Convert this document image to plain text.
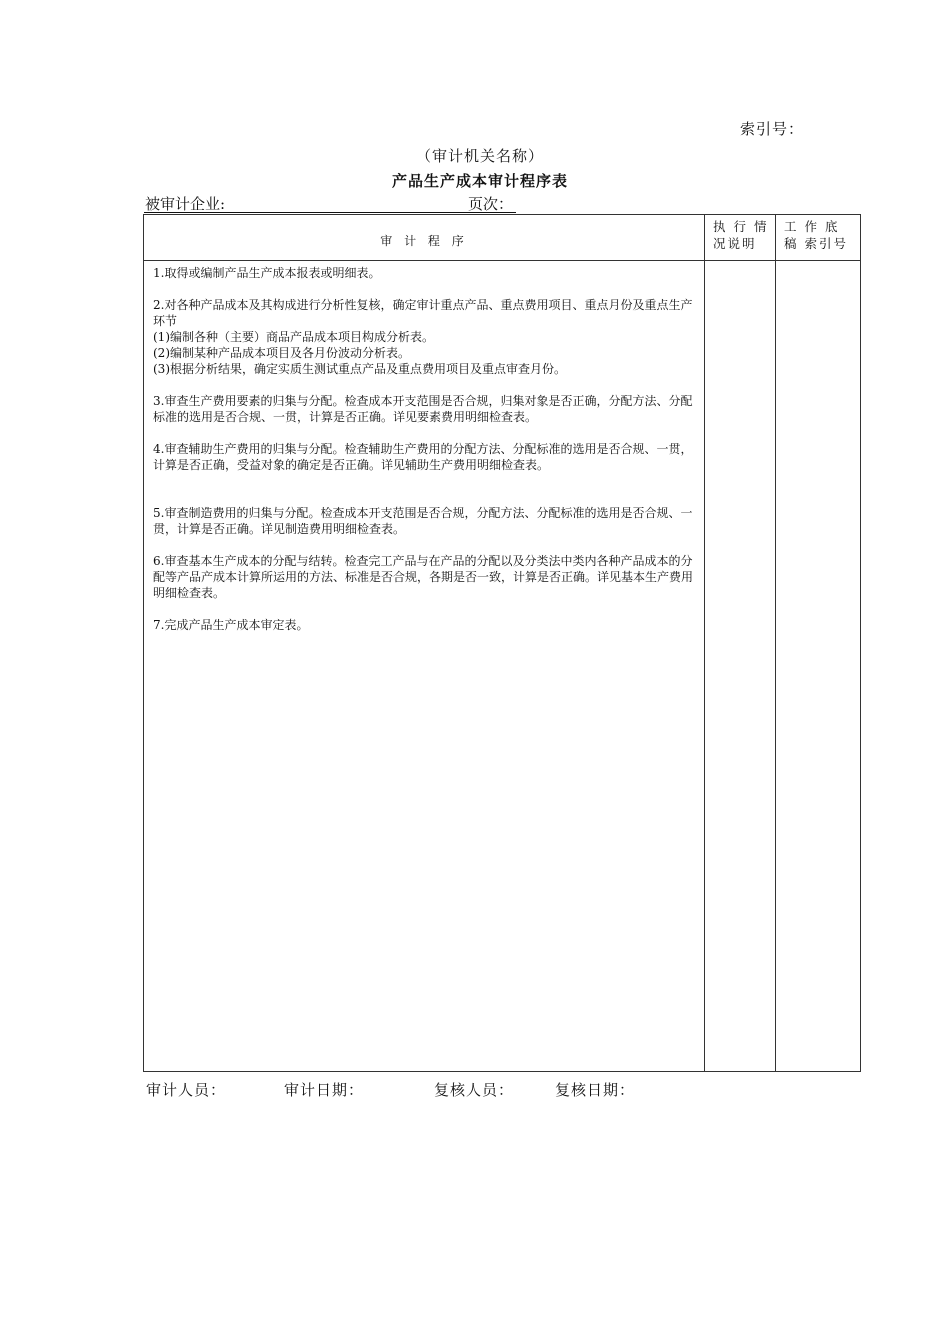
索引号：
（审计机关名称）
产品生产成本审计程序表
被审计企业:	页次：
审 计 程 序
执 行 情 况说明
工 作 底 稿 索引号

1.取得或编制产品生产成本报表或明细表。

2.对各种产品成本及其构成进行分析性复核，确定审计重点产品、重点费用项目、重点月份及重点生产环节
(1)编制各种（主要）商品产品成本项目构成分析表。
(2)编制某种产品成本项目及各月份波动分析表。
(3)根据分析结果，确定实质生测试重点产品及重点费用项目及重点审查月份。

3.审查生产费用要素的归集与分配。检查成本开支范围是否合规，归集对象是否正确，分配方法、分配标准的选用是否合规、一贯，计算是否正确。详见要素费用明细检查表。

4.审查辅助生产费用的归集与分配。检查辅助生产费用的分配方法、分配标准的选用是否合规、一贯，计算是否正确，受益对象的确定是否正确。详见辅助生产费用明细检查表。

5.审查制造费用的归集与分配。检查成本开支范围是否合规，分配方法、分配标准的选用是否合规、一贯，计算是否正确。详见制造费用明细检查表。

6.审查基本生产成本的分配与结转。检查完工产品与在产品的分配以及分类法中类内各种产品成本的分配等产品产成本计算所运用的方法、标准是否合规，各期是否一致，计算是否正确。详见基本生产费用明细检查表。

7.完成产品生产成本审定表。

审计人员：	审计日期：	复核人员：	复核日期：
